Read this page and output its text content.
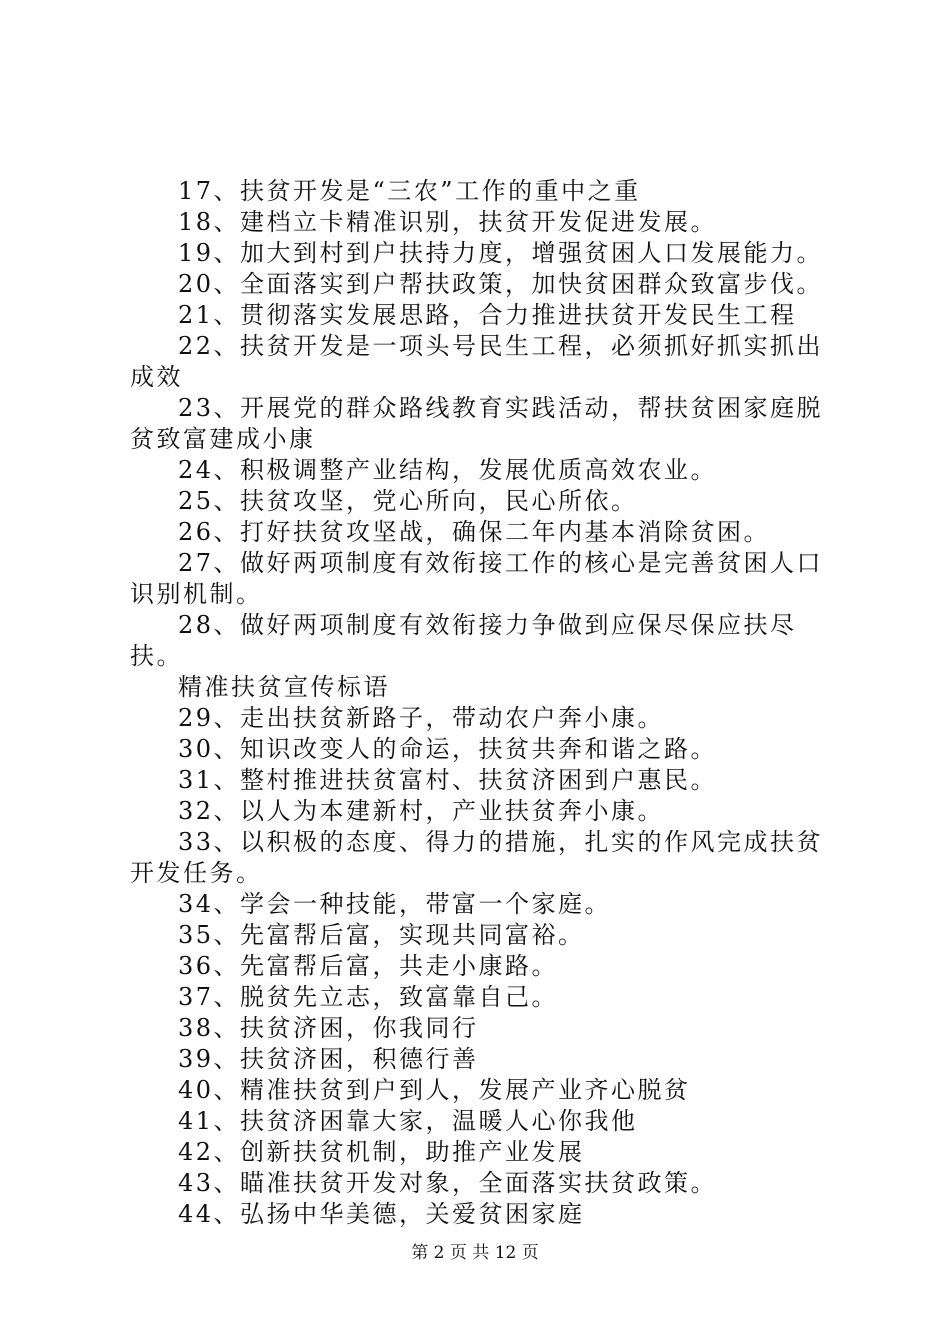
17、扶贫开发是“三农”工作的重中之重

18、建档立卡精准识别，扶贫开发促进发展。

19、加大到村到户扶持力度，增强贫困人口发展能力。

20、全面落实到户帮扶政策，加快贫困群众致富步伐。

21、贯彻落实发展思路，合力推进扶贫开发民生工程

22、扶贫开发是一项头号民生工程，必须抓好抓实抓出成效

23、开展党的群众路线教育实践活动，帮扶贫困家庭脱贫致富建成小康

24、积极调整产业结构，发展优质高效农业。

25、扶贫攻坚，党心所向，民心所依。

26、打好扶贫攻坚战，确保二年内基本消除贫困。

27、做好两项制度有效衔接工作的核心是完善贫困人口识别机制。

28、做好两项制度有效衔接力争做到应保尽保应扶尽扶。

精准扶贫宣传标语

29、走出扶贫新路子，带动农户奔小康。

30、知识改变人的命运，扶贫共奔和谐之路。

31、整村推进扶贫富村、扶贫济困到户惠民。

32、以人为本建新村，产业扶贫奔小康。

33、以积极的态度、得力的措施，扎实的作风完成扶贫开发任务。

34、学会一种技能，带富一个家庭。

35、先富帮后富，实现共同富裕。

36、先富帮后富，共走小康路。

37、脱贫先立志，致富靠自己。

38、扶贫济困，你我同行

39、扶贫济困，积德行善

40、精准扶贫到户到人，发展产业齐心脱贫

41、扶贫济困靠大家，温暖人心你我他

42、创新扶贫机制，助推产业发展

43、瞄准扶贫开发对象，全面落实扶贫政策。

44、弘扬中华美德，关爱贫困家庭

第 2 页 共 12 页
